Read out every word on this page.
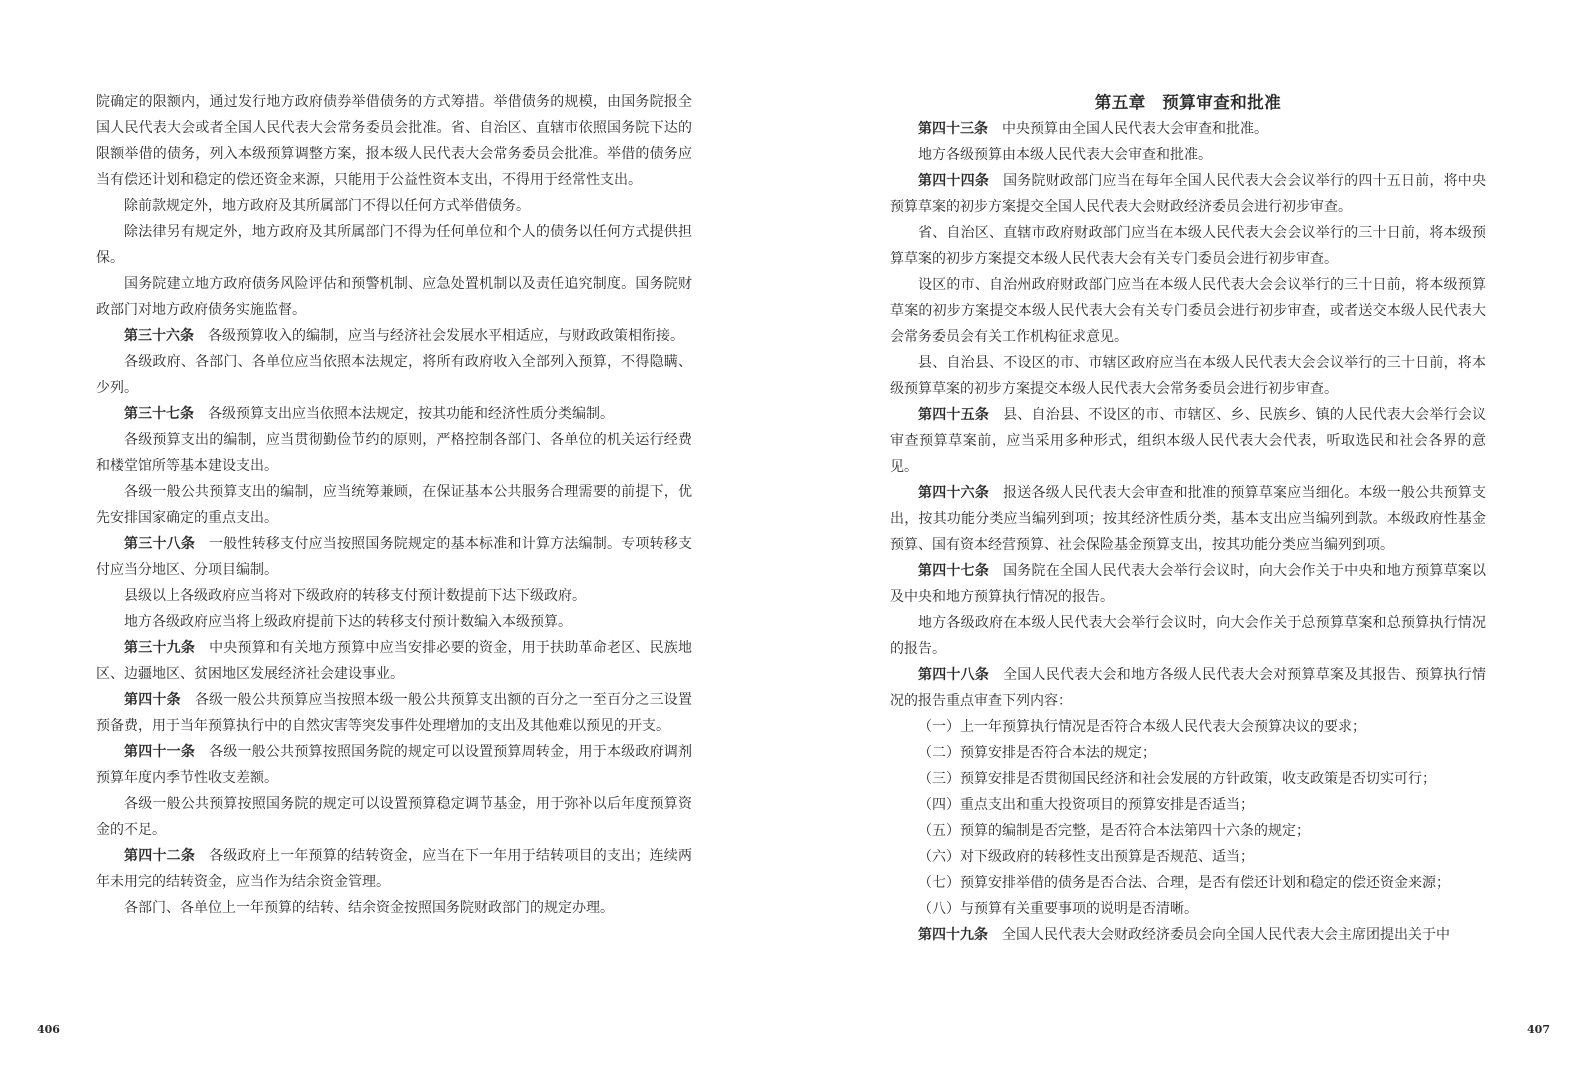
院确定的限额内，通过发行地方政府债券举借债务的方式筹措。举借债务的规模，由国务院报全国人民代表大会或者全国人民代表大会常务委员会批准。省、自治区、直辖市依照国务院下达的限额举借的债务，列入本级预算调整方案，报本级人民代表大会常务委员会批准。举借的债务应当有偿还计划和稳定的偿还资金来源，只能用于公益性资本支出，不得用于经常性支出。

除前款规定外，地方政府及其所属部门不得以任何方式举借债务。

除法律另有规定外，地方政府及其所属部门不得为任何单位和个人的债务以任何方式提供担保。

国务院建立地方政府债务风险评估和预警机制、应急处置机制以及责任追究制度。国务院财政部门对地方政府债务实施监督。

第三十六条 各级预算收入的编制，应当与经济社会发展水平相适应，与财政政策相衔接。

各级政府、各部门、各单位应当依照本法规定，将所有政府收入全部列入预算，不得隐瞒、少列。

第三十七条 各级预算支出应当依照本法规定，按其功能和经济性质分类编制。

各级预算支出的编制，应当贯彻勤俭节约的原则，严格控制各部门、各单位的机关运行经费和楼堂馆所等基本建设支出。

各级一般公共预算支出的编制，应当统筹兼顾，在保证基本公共服务合理需要的前提下，优先安排国家确定的重点支出。

第三十八条 一般性转移支付应当按照国务院规定的基本标准和计算方法编制。专项转移支付应当分地区、分项目编制。

县级以上各级政府应当将对下级政府的转移支付预计数提前下达下级政府。

地方各级政府应当将上级政府提前下达的转移支付预计数编入本级预算。

第三十九条 中央预算和有关地方预算中应当安排必要的资金，用于扶助革命老区、民族地区、边疆地区、贫困地区发展经济社会建设事业。

第四十条 各级一般公共预算应当按照本级一般公共预算支出额的百分之一至百分之三设置预备费，用于当年预算执行中的自然灾害等突发事件处理增加的支出及其他难以预见的开支。

第四十一条 各级一般公共预算按照国务院的规定可以设置预算周转金，用于本级政府调剂预算年度内季节性收支差额。

各级一般公共预算按照国务院的规定可以设置预算稳定调节基金，用于弥补以后年度预算资金的不足。

第四十二条 各级政府上一年预算的结转资金，应当在下一年用于结转项目的支出；连续两年未用完的结转资金，应当作为结余资金管理。

各部门、各单位上一年预算的结转、结余资金按照国务院财政部门的规定办理。

406
第五章 预算审查和批准

第四十三条 中央预算由全国人民代表大会审查和批准。

地方各级预算由本级人民代表大会审查和批准。

第四十四条 国务院财政部门应当在每年全国人民代表大会会议举行的四十五日前，将中央预算草案的初步方案提交全国人民代表大会财政经济委员会进行初步审查。

省、自治区、直辖市政府财政部门应当在本级人民代表大会会议举行的三十日前，将本级预算草案的初步方案提交本级人民代表大会有关专门委员会进行初步审查。

设区的市、自治州政府财政部门应当在本级人民代表大会会议举行的三十日前，将本级预算草案的初步方案提交本级人民代表大会有关专门委员会进行初步审查，或者送交本级人民代表大会常务委员会有关工作机构征求意见。

县、自治县、不设区的市、市辖区政府应当在本级人民代表大会会议举行的三十日前，将本级预算草案的初步方案提交本级人民代表大会常务委员会进行初步审查。

第四十五条 县、自治县、不设区的市、市辖区、乡、民族乡、镇的人民代表大会举行会议审查预算草案前，应当采用多种形式，组织本级人民代表大会代表，听取选民和社会各界的意见。

第四十六条 报送各级人民代表大会审查和批准的预算草案应当细化。本级一般公共预算支出，按其功能分类应当编列到项；按其经济性质分类，基本支出应当编列到款。本级政府性基金预算、国有资本经营预算、社会保险基金预算支出，按其功能分类应当编列到项。

第四十七条 国务院在全国人民代表大会举行会议时，向大会作关于中央和地方预算草案以及中央和地方预算执行情况的报告。

地方各级政府在本级人民代表大会举行会议时，向大会作关于总预算草案和总预算执行情况的报告。

第四十八条 全国人民代表大会和地方各级人民代表大会对预算草案及其报告、预算执行情况的报告重点审查下列内容：

（一）上一年预算执行情况是否符合本级人民代表大会预算决议的要求；

（二）预算安排是否符合本法的规定；

（三）预算安排是否贯彻国民经济和社会发展的方针政策，收支政策是否切实可行；

（四）重点支出和重大投资项目的预算安排是否适当；

（五）预算的编制是否完整，是否符合本法第四十六条的规定；

（六）对下级政府的转移性支出预算是否规范、适当；

（七）预算安排举借的债务是否合法、合理，是否有偿还计划和稳定的偿还资金来源；

（八）与预算有关重要事项的说明是否清晰。

第四十九条 全国人民代表大会财政经济委员会向全国人民代表大会主席团提出关于中

407
